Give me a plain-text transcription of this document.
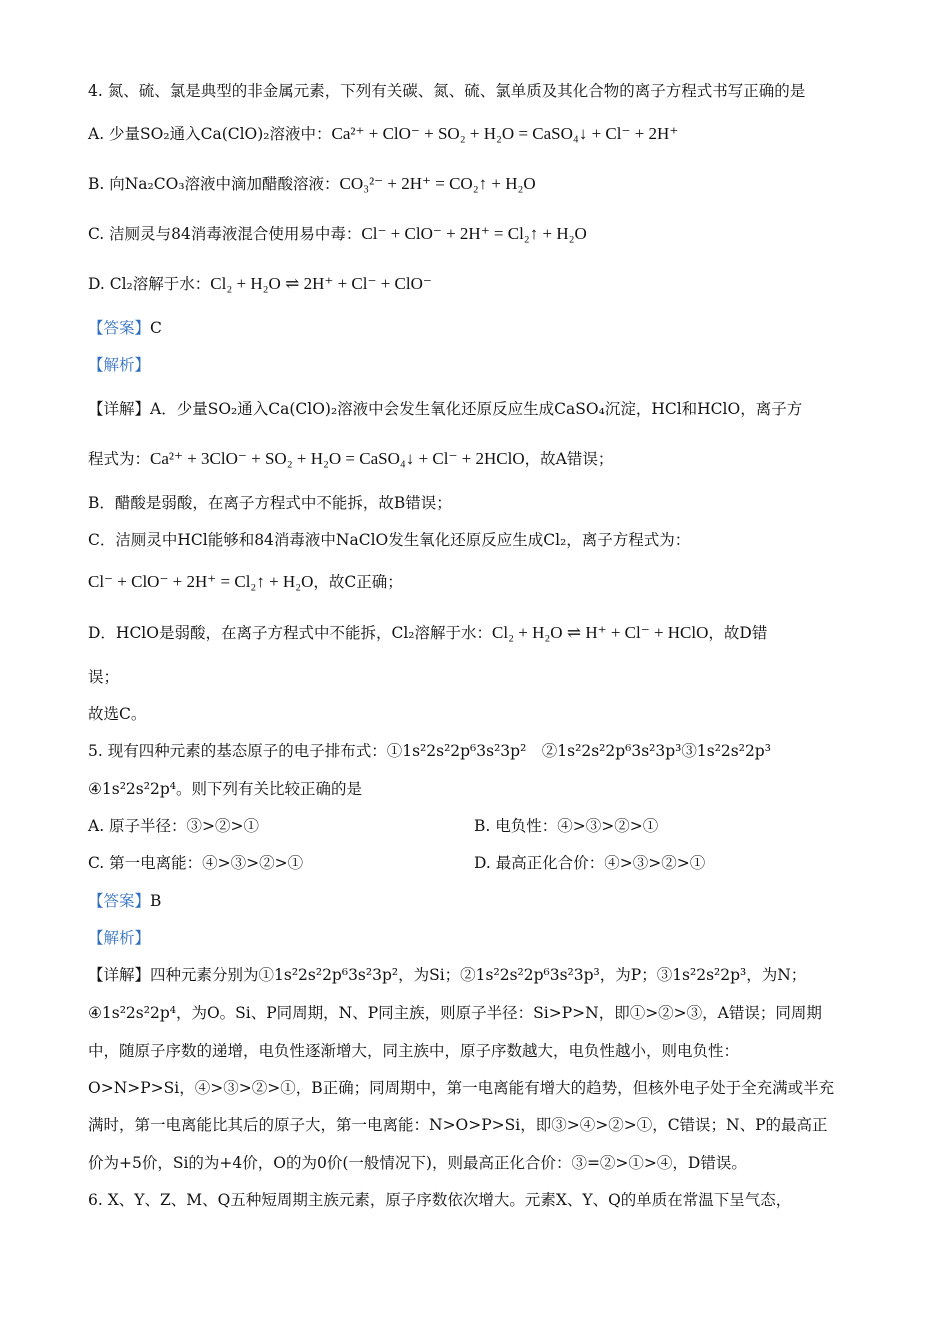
4. 氮、硫、氯是典型的非金属元素，下列有关碳、氮、硫、氯单质及其化合物的离子方程式书写正确的是
A. 少量SO₂通入Ca(ClO)₂溶液中：Ca²⁺ + ClO⁻ + SO₂ + H₂O = CaSO₄↓ + Cl⁻ + 2H⁺
B. 向Na₂CO₃溶液中滴加醋酸溶液：CO₃²⁻ + 2H⁺ = CO₂↑ + H₂O
C. 洁厕灵与84消毒液混合使用易中毒：Cl⁻ + ClO⁻ + 2H⁺ = Cl₂↑ + H₂O
D. Cl₂溶解于水：Cl₂ + H₂O ⇌ 2H⁺ + Cl⁻ + ClO⁻
【答案】C
【解析】
【详解】A．少量SO₂通入Ca(ClO)₂溶液中会发生氧化还原反应生成CaSO₄沉淀，HCl和HClO，离子方
程式为：Ca²⁺ + 3ClO⁻ + SO₂ + H₂O = CaSO₄↓ + Cl⁻ + 2HClO，故A错误；
B．醋酸是弱酸，在离子方程式中不能拆，故B错误；
C．洁厕灵中HCl能够和84消毒液中NaClO发生氧化还原反应生成Cl₂，离子方程式为：
Cl⁻ + ClO⁻ + 2H⁺ = Cl₂↑ + H₂O，故C正确；
D．HClO是弱酸，在离子方程式中不能拆，Cl₂溶解于水：Cl₂ + H₂O ⇌ H⁺ + Cl⁻ + HClO，故D错
误；
故选C。
5. 现有四种元素的基态原子的电子排布式：①1s²2s²2p⁶3s²3p²　②1s²2s²2p⁶3s²3p³③1s²2s²2p³
④1s²2s²2p⁴。则下列有关比较正确的是
A. 原子半径：③>②>①	B. 电负性：④>③>②>①
C. 第一电离能：④>③>②>①	D. 最高正化合价：④>③>②>①
【答案】B
【解析】
【详解】四种元素分别为①1s²2s²2p⁶3s²3p²，为Si；②1s²2s²2p⁶3s²3p³，为P；③1s²2s²2p³，为N；
④1s²2s²2p⁴，为O。Si、P同周期，N、P同主族，则原子半径：Si>P>N，即①>②>③，A错误；同周期
中，随原子序数的递增，电负性逐渐增大，同主族中，原子序数越大，电负性越小，则电负性：
O>N>P>Si，④>③>②>①，B正确；同周期中，第一电离能有增大的趋势，但核外电子处于全充满或半充
满时，第一电离能比其后的原子大，第一电离能：N>O>P>Si，即③>④>②>①，C错误；N、P的最高正
价为+5价，Si的为+4价，O的为0价(一般情况下)，则最高正化合价：③=②>①>④，D错误。
6. X、Y、Z、M、Q五种短周期主族元素，原子序数依次增大。元素X、Y、Q的单质在常温下呈气态，
